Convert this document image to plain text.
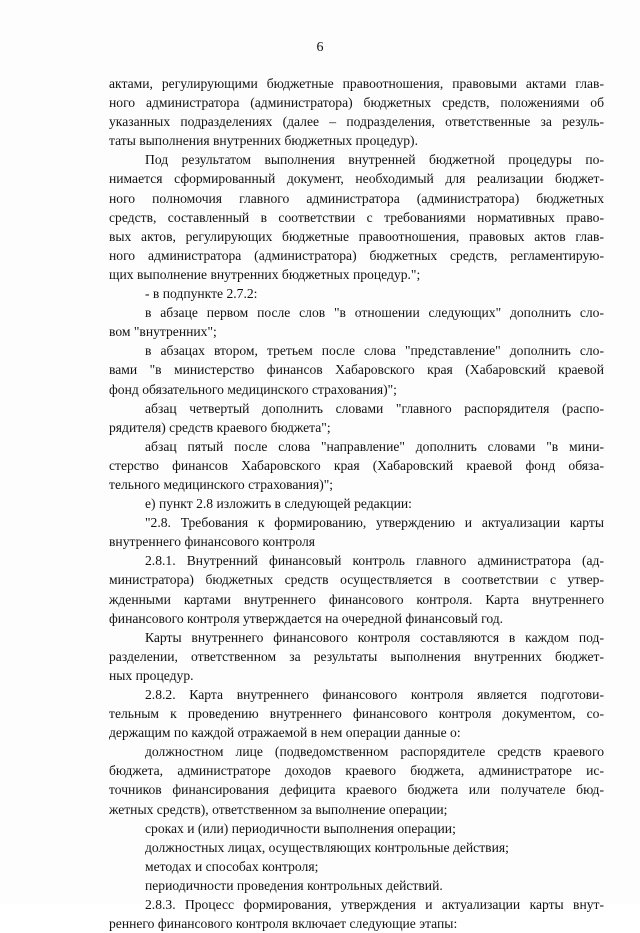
6
актами, регулирующими бюджетные правоотношения, правовыми актами глав-
ного администратора (администратора) бюджетных средств, положениями об
указанных подразделениях (далее – подразделения, ответственные за резуль-
таты выполнения внутренних бюджетных процедур).
Под результатом выполнения внутренней бюджетной процедуры по-
нимается сформированный документ, необходимый для реализации бюджет-
ного полномочия главного администратора (администратора) бюджетных
средств, составленный в соответствии с требованиями нормативных право-
вых актов, регулирующих бюджетные правоотношения, правовых актов глав-
ного администратора (администратора) бюджетных средств, регламентирую-
щих выполнение внутренних бюджетных процедур.";
- в подпункте 2.7.2:
в абзаце первом после слов "в отношении следующих" дополнить сло-
вом "внутренних";
в абзацах втором, третьем после слова "представление" дополнить сло-
вами "в министерство финансов Хабаровского края (Хабаровский краевой
фонд обязательного медицинского страхования)";
абзац четвертый дополнить словами "главного распорядителя (распо-
рядителя) средств краевого бюджета";
абзац пятый после слова "направление" дополнить словами "в мини-
стерство финансов Хабаровского края (Хабаровский краевой фонд обяза-
тельного медицинского страхования)";
е) пункт 2.8 изложить в следующей редакции:
"2.8. Требования к формированию, утверждению и актуализации карты
внутреннего финансового контроля
2.8.1. Внутренний финансовый контроль главного администратора (ад-
министратора) бюджетных средств осуществляется в соответствии с утвер-
жденными картами внутреннего финансового контроля. Карта внутреннего
финансового контроля утверждается на очередной финансовый год.
Карты внутреннего финансового контроля составляются в каждом под-
разделении, ответственном за результаты выполнения внутренних бюджет-
ных процедур.
2.8.2. Карта внутреннего финансового контроля является подготови-
тельным к проведению внутреннего финансового контроля документом, со-
держащим по каждой отражаемой в нем операции данные о:
должностном лице (подведомственном распорядителе средств краевого
бюджета, администраторе доходов краевого бюджета, администраторе ис-
точников финансирования дефицита краевого бюджета или получателе бюд-
жетных средств), ответственном за выполнение операции;
сроках и (или) периодичности выполнения операции;
должностных лицах, осуществляющих контрольные действия;
методах и способах контроля;
периодичности проведения контрольных действий.
2.8.3. Процесс формирования, утверждения и актуализации карты внут-
реннего финансового контроля включает следующие этапы:
